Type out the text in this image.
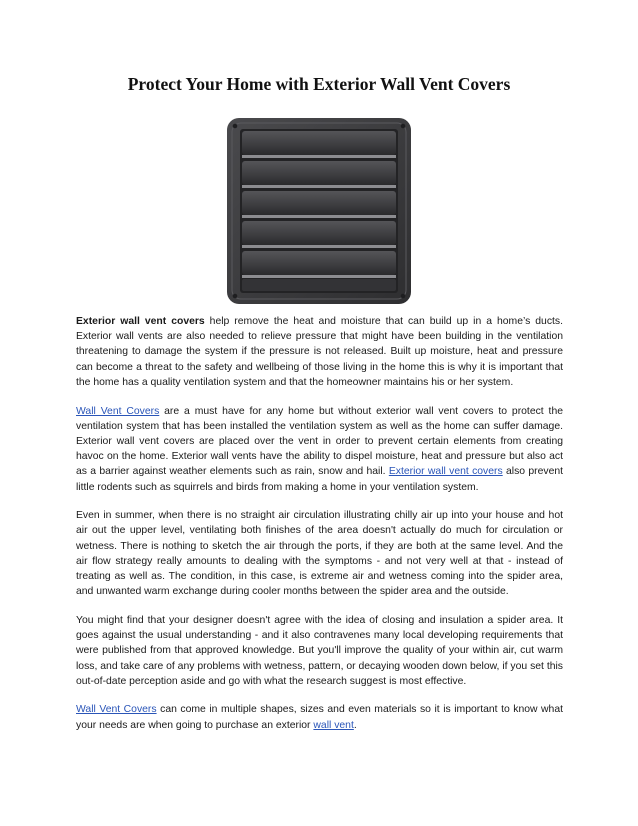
Protect Your Home with Exterior Wall Vent Covers

Exterior wall vent covers help remove the heat and moisture that can build up in a home’s ducts. Exterior wall vents are also needed to relieve pressure that might have been building in the ventilation threatening to damage the system if the pressure is not released. Built up moisture, heat and pressure can become a threat to the safety and wellbeing of those living in the home this is why it is important that the home has a quality ventilation system and that the homeowner maintains his or her system.

Wall Vent Covers are a must have for any home but without exterior wall vent covers to protect the ventilation system that has been installed the ventilation system as well as the home can suffer damage. Exterior wall vent covers are placed over the vent in order to prevent certain elements from creating havoc on the home. Exterior wall vents have the ability to dispel moisture, heat and pressure but also act as a barrier against weather elements such as rain, snow and hail. Exterior wall vent covers also prevent little rodents such as squirrels and birds from making a home in your ventilation system.

Even in summer, when there is no straight air circulation illustrating chilly air up into your house and hot air out the upper level, ventilating both finishes of the area doesn't actually do much for circulation or wetness. There is nothing to sketch the air through the ports, if they are both at the same level. And the air flow strategy really amounts to dealing with the symptoms - and not very well at that - instead of treating as well as. The condition, in this case, is extreme air and wetness coming into the spider area, and unwanted warm exchange during cooler months between the spider area and the outside.

You might find that your designer doesn't agree with the idea of closing and insulation a spider area. It goes against the usual understanding - and it also contravenes many local developing requirements that were published from that approved knowledge. But you'll improve the quality of your within air, cut warm loss, and take care of any problems with wetness, pattern, or decaying wooden down below, if you set this out-of-date perception aside and go with what the research suggest is most effective.

Wall Vent Covers can come in multiple shapes, sizes and even materials so it is important to know what your needs are when going to purchase an exterior wall vent.
